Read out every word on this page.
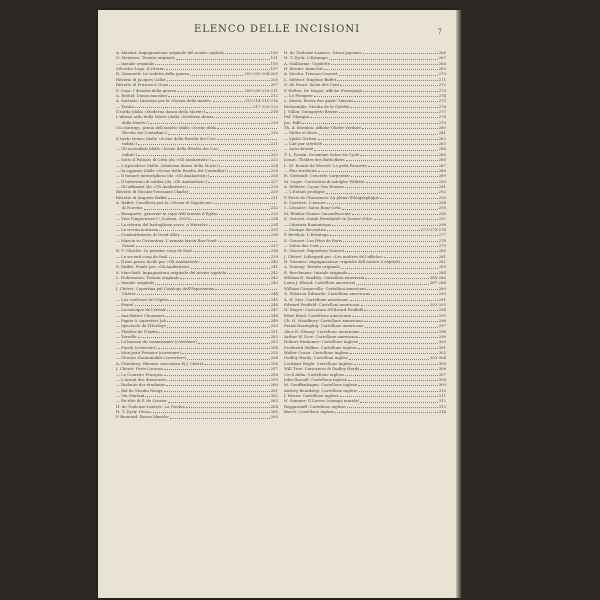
ELENCO DELLE INCISIONI	7
A. Martini: Impaginazione originale del nostro capitolo	190
G. Mentessi: Testata originale	191
— Iniziale originale	193
Silvestro Lega: Il ritorno	197
R. Simonetti: Le vedette della guerra	202-203-204-205
Ritratto di Jacques Callot	205
Ritratto di Francisco Goya	207
F. Goya: I disastri della guerra	208-209-210-211
A. Rethel: Danza macabra	212
A. Sartorio: Incisioni per la «Danza della morte»	213-214-215-216
— Tavola	217-220-222
Il tardo (dalla «Moderna danza della Morte»)	218
L'ultimo asilo della Morte (dalla «Moderna danza
della Morte»)	219
Un chirurgo, prima dell'assalto (dalle «Scene della
Rivolta dei Contadini»)	220
Il tirolo tronco (dalle «Scene della Rivolta dei Con-
tadini»)	221
— Gli incendiati (dalle «Scene della Rivolta dei Con-
tadini»)	222
— Sotto il Palazzo di Città (da «Gli Anabattisti»)	223
— L'Apocalisse (dalla «Moderna danza della Morte»)	224
— In agguato (dalle «Scene della Rivolta dei Contadini»)	225
— Il tumore meraviglioso (da «Gli Anabattisti»)	226
— Il battesimo di sabbia (da «Gli Anabattisti»)	227
— Gli affamati (da «Gli Anabattisti»)	228
Ritratto di Nicolas-Toussaint Charlet	230
Ritratto di Auguste Raffet	231
A. Raffet: Cavalleria per la «Storia di Napoleone»
di Norvins	232
— Bonaparte, generale in capo dell'armata d'Egitto	233
— Viva l'Imperatore!!! (Lutzen, 1813)	234
— La ritirata del battaglione sacro, a Waterloo	234
— La rivista notturna	235
— Combattimento di Oued-Alley	236
— Marcia su Costantina: L'armata lascia Ras-Oued-
Zenati	237
N.-T. Charlet: Le premier coup de fusil	238
— Le second coup de fusil	239
— Il mio primo fucile per «Gli Anabattisti»	240
S. Raffet: Finale per «Gli Anabattisti»	241
S. Marchiali: Impaginatura originale del nostro capitolo	242
L. Hohenstein: Testata originale	242
— Iniziale originale	243
J. Chéret: Copertina pel Catalogo dell'Esposizione
Chéret	244
— Les coulisses de l'Opéra	245
— Fantel	246
— La musique de l'avenir	247
— Aux Buttes Chaumont	248
— Papier à cigarettes Job	249
— Spectacle de l'Horloge	250
— Théâtre de l'Opéra	251
— Terrelle	252
— Le bureau du commissaire (coverture)	253
— Punch (coverture)	254
— Mon petit Premier (coverture)	255
— Glosses d'automobile (coverture)	256
A. Chenbroy: Ritratto caricatura di J. Chéret	256
J. Chéret: Paris-Courses	257
— Le Courrier Français	258
— L'orient des danseuses	259
— Redoute des étudiants	260
— Bal du Moulin Rouge	261
— Vin Mariani	262
— En-tête di F. de Crozier	263
H. de Toulouse-Lautrec: La Goulue	264
H. T. Dyck: Divan	265
P. Bonnard: Revue blanche	265
H. de Toulouse-Lautrec: Divan japonais	266
H. T. Dyck: L'Estampe	267
A. Guillaume: Cigalette	268
H. Boutet: Anarchie	269
A. Mucha: Trianon-Concert	270
L. Métivet: Eugénie Buffet	271
G. de Feure: Salon des Cent	272
P. Helleu: De Nague, affiche d'essayage	273
— Le Plongeur	274
L. Morin: Revue des quatr' Saisons	275
Redoutable: Moulin de la Galette	276
J. Villon: Guinguette fleurie	277
Pal: Olympia	278
Jac: Riffi	279
Th. A. Steinlen: Affiche Chatte Verdure	280
— Motte et Boris	281
— Ypsilo Girlsen	282
— Lait pur stérilisé	283
— Autochromé	284
T.-L. Forain: Deuxième Salon du Cycle	285
Jossot: Théâtre des Batholliers	286
L. M. Boutet de Monvel: Le petit Poucette	287
— Plus territoire	288
H. Gerbault: Concerts Carpentier	289
M. Leger: Caricatura di Adolphe Willette	290
A. Willette: Cacao Van Houten	291
— L'Enfant prodigue	292
P. Puvis de Chavannes: La plume lithographique	293
E. Carrière: L'Aurore	294
C. Léandre: Salon Bons-Crüs	295
M. Réalier-Dumas: Incandescente	296
E. Grasset: Sarah Bernhardt en Jeanne d'Arc	297
— Librairie Romantique	298
— Stampe decorative	273-275-276
P. Berthon: L'Ermitage	277
E. Grasset: Les fêtes de Paris	278
— Salon des Cent	279
E. Grasset: Exposition Grasset	280
J. Chéret: Lithografi per «Les maîtres de l'affiche»	281
H. Meunier: Impaginazione originale dell'autore a capitolo	282
A. Donnay: Testata originale	283
E. Berchmans: Iniziale originale	284
William H. Bradley: Cartelloni americani	285-286
Louis J. Rhead: Cartelloni americani	287-288
William Carqueville: Cartelloni americani	289
G. Wharton Edwards: Cartellone americano	290
A. H. Mar: Cartellone americano	291
Edward Penfield: Cartelloni americani	292-293
H. Mayer: Caricatura d'Edward Penfield	294
Ethel Reed: Cartellone americano	295
Ch. H. Woodbury: Cartellone americano	296
Frank Hazenplug: Cartellone americano	297
Alice R. Glenny: Cartellone americano	298
Arthur W. Dow: Cartellone americano	299
Hubert Herkomer: Cartellone inglese	300
Frederick Walker: Cartellone inglese	301
Walter Crane: Cartellone inglese	302
Dudley Hardy: Cartelloni inglesi	303-304
Lockhart Bogle: Cartellone inglese	305
Will True: Caricatura di Dudley Hardy	306
Cecil Aldin: Cartellone inglese	307
John Hassall: Cartellone inglese	308
M. Greiffenhagen: Cartellone inglese	309
Aubrey Beardsley: Cartellone inglese	310
J. Hearn: Cartellone inglese	311
H. Sumner: Il Lavoro (stampa murale)	312
Beggarstaff: Cartellone inglese	313
Burch: Cartellone inglese	314
